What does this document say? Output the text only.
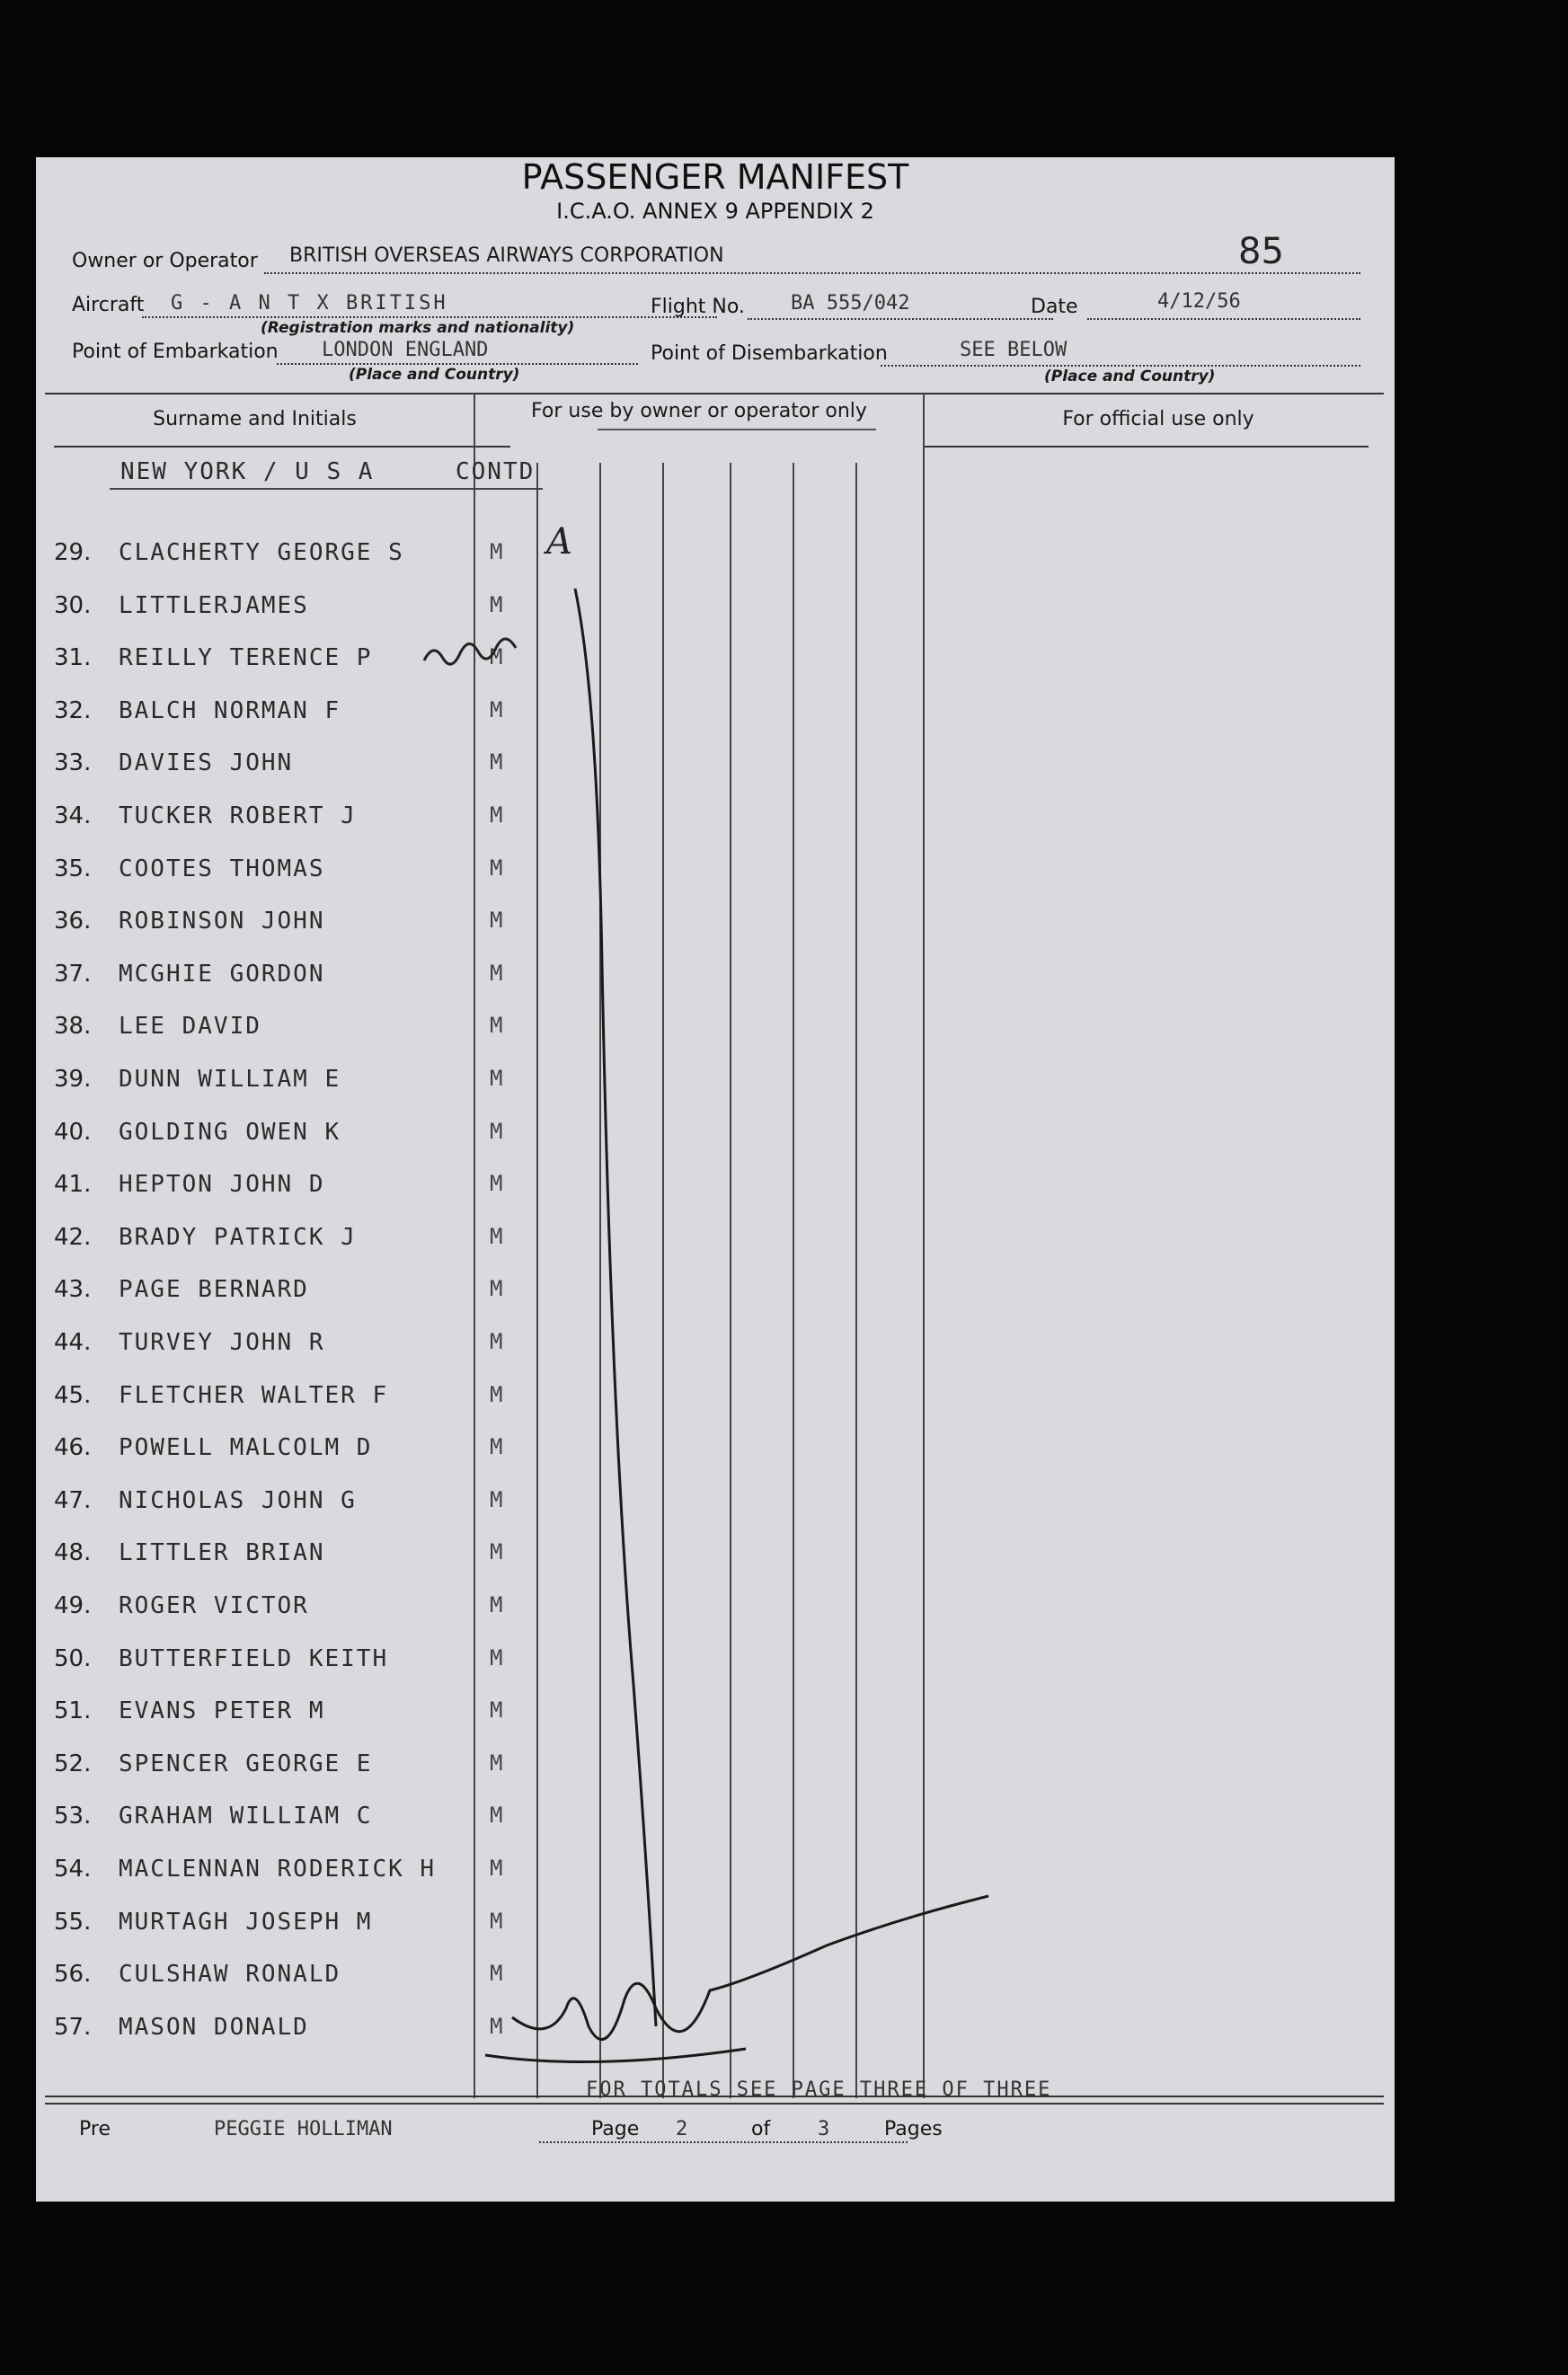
PASSENGER MANIFEST
I.C.A.O. ANNEX 9 APPENDIX 2
85
Owner or Operator BRITISH OVERSEAS AIRWAYS CORPORATION
Aircraft G - A N T X BRITISH
(Registration marks and nationality)
Flight No. BA 555/042	Date	4/12/56
Point of Embarkation LONDON ENGLAND
(Place and Country)
Point of Disembarkation	SEE BELOW
(Place and Country)
Surname and Initials	For use by owner or operator only	For official use only
NEW YORK / U S A	CONTD
29. CLACHERTY GEORGE S	M
30. LITTLERJAMES	M
31. REILLY TERENCE P	M
32. BALCH NORMAN F	M
33. DAVIES JOHN	M
34. TUCKER ROBERT J	M
35. COOTES THOMAS	M
36. ROBINSON JOHN	M
37. MCGHIE GORDON	M
38. LEE DAVID	M
39. DUNN WILLIAM E	M
40. GOLDING OWEN K	M
41. HEPTON JOHN D	M
42. BRADY PATRICK J	M
43. PAGE BERNARD	M
44. TURVEY JOHN R	M
45. FLETCHER WALTER F	M
46. POWELL MALCOLM D	M
47. NICHOLAS JOHN G	M
48. LITTLER BRIAN	M
49. ROGER VICTOR	M
50. BUTTERFIELD KEITH	M
51. EVANS PETER M	M
52. SPENCER GEORGE E	M
53. GRAHAM WILLIAM C	M
54. MACLENNAN RODERICK H M
55. MURTAGH JOSEPH M	M
56. CULSHAW RONALD	M
57. MASON DONALD	M
A
FOR TOTALS SEE PAGE THREE OF THREE
Pre	PEGGIE HOLLIMAN	Page 2	of 3	Pages
